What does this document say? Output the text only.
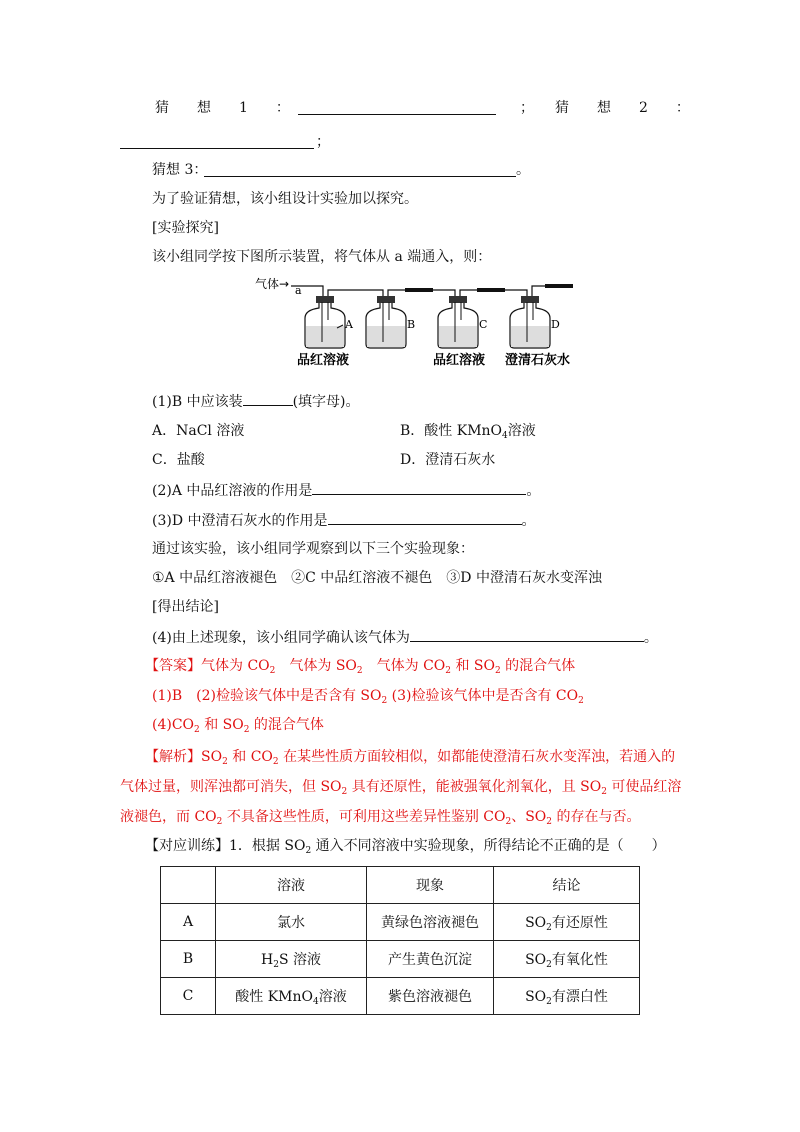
猜　　想　　1　　：	；　　猜　　想　　2　　：
；
猜想 3：	。
为了验证猜想，该小组设计实验加以探究。
[实验探究]
该小组同学按下图所示装置，将气体从 a 端通入，则：
气体→ a
A	B	C	D
品红溶液	品红溶液 澄清石灰水
(1)B 中应该装	(填字母)。
A．NaCl 溶液	B．酸性 KMnO$_4$溶液
C．盐酸	D．澄清石灰水
(2)A 中品红溶液的作用是	。
(3)D 中澄清石灰水的作用是	。
通过该实验，该小组同学观察到以下三个实验现象：
①A 中品红溶液褪色　②C 中品红溶液不褪色　③D 中澄清石灰水变浑浊
[得出结论]
(4)由上述现象，该小组同学确认该气体为	。
【答案】气体为 $CO_2$　气体为 $SO_2$　气体为 $CO_2$ 和 $SO_2$ 的混合气体
(1)B　(2)检验该气体中是否含有 $SO_2$ (3)检验该气体中是否含有 $CO_2$
$(4)CO_2$ 和 $SO_2$ 的混合气体
【解析】$SO_2$ 和 $CO_2$ 在某些性质方面较相似，如都能使澄清石灰水变浑浊，若通入的
气体过量，则浑浊都可消失，但 $SO_2$ 具有还原性，能被强氧化剂氧化，且 $SO_2$ 可使品红溶
液褪色，而 $CO_2$ 不具备这些性质，可利用这些差异性鉴别 $CO_2$、$SO_2$ 的存在与否。
【对应训练】1．根据 $SO_2$ 通入不同溶液中实验现象，所得结论不正确的是（　　）
	溶液	现象	结论
A	氯水	黄绿色溶液褪色	$SO_2$有还原性
B	$H_2S$ 溶液	产生黄色沉淀	$SO_2$有氧化性
C	酸性 KMnO$_4$溶液	紫色溶液褪色	$SO_2$有漂白性
